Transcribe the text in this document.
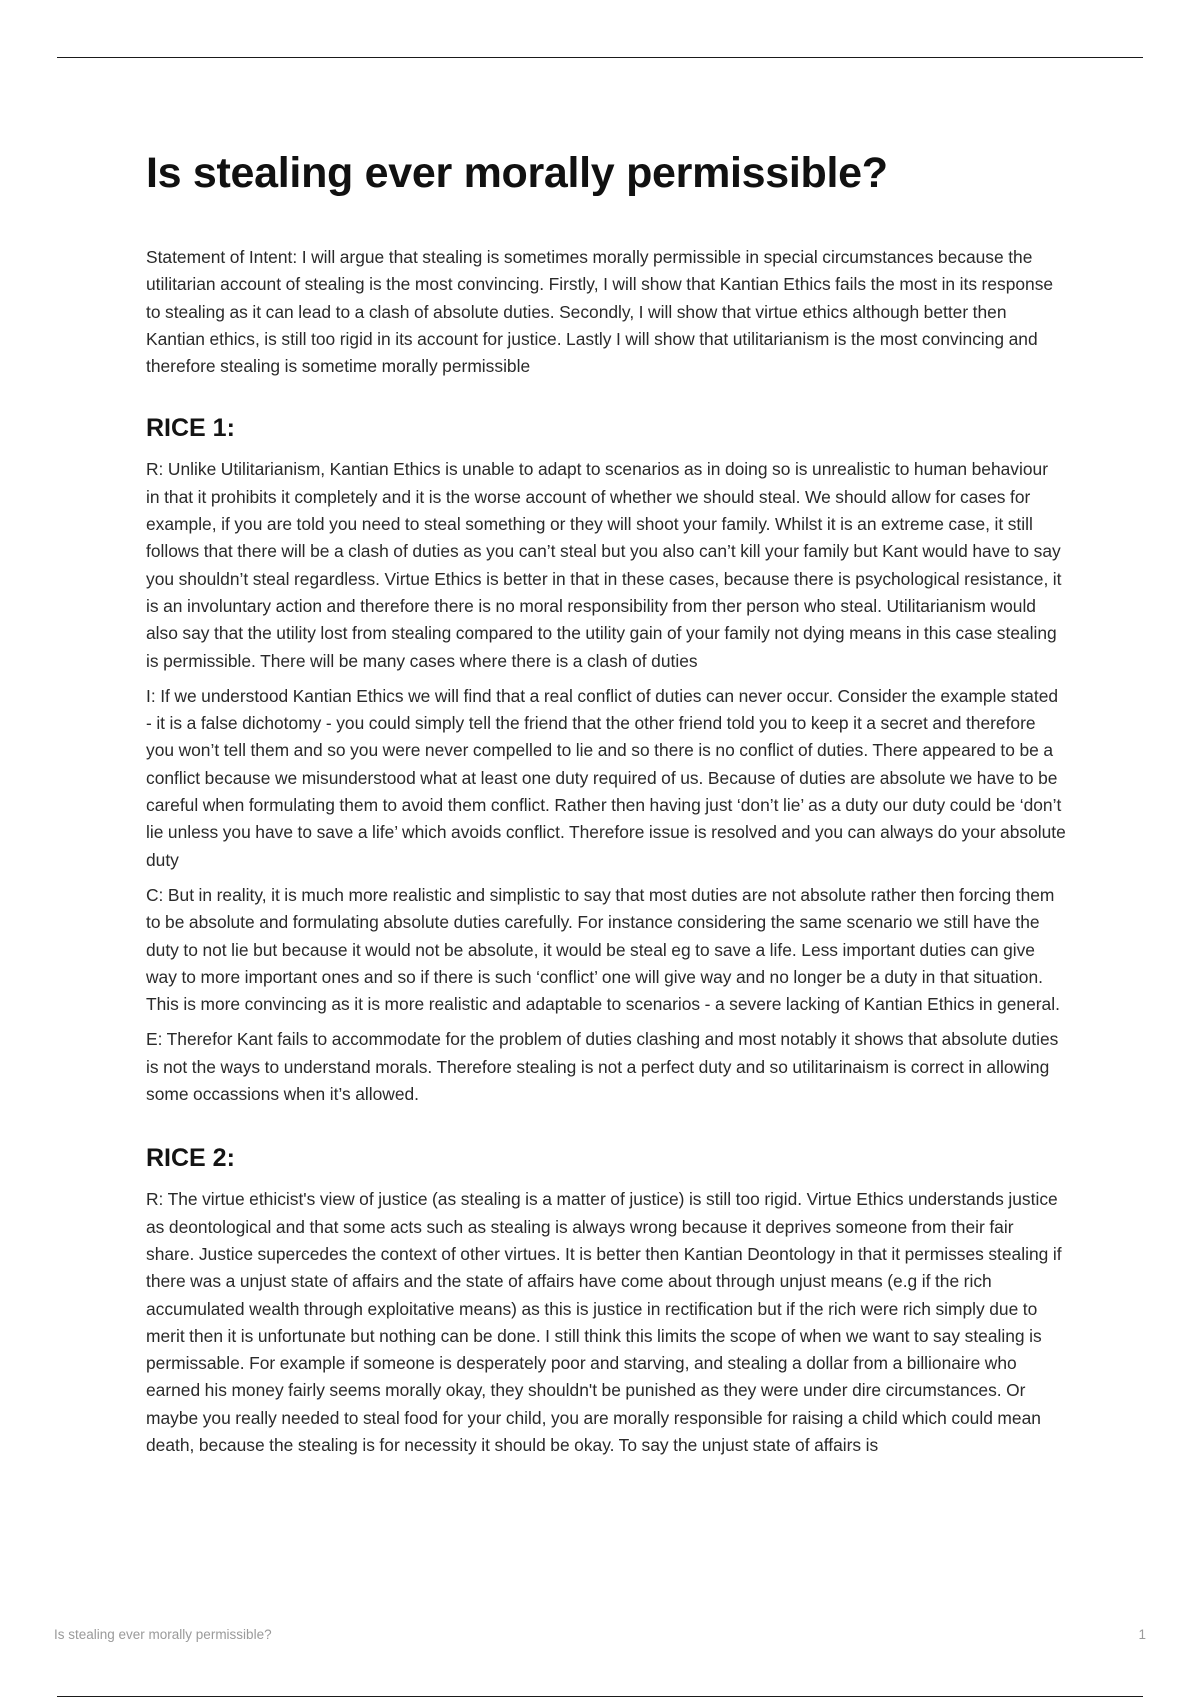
Is stealing ever morally permissible?

Statement of Intent: I will argue that stealing is sometimes morally permissible in special circumstances because the utilitarian account of stealing is the most convincing. Firstly, I will show that Kantian Ethics fails the most in its response to stealing as it can lead to a clash of absolute duties. Secondly, I will show that virtue ethics although better then Kantian ethics, is still too rigid in its account for justice. Lastly I will show that utilitarianism is the most convincing and therefore stealing is sometime morally permissible

RICE 1:

R: Unlike Utilitarianism, Kantian Ethics is unable to adapt to scenarios as in doing so is unrealistic to human behaviour in that it prohibits it completely and it is the worse account of whether we should steal. We should allow for cases for example, if you are told you need to steal something or they will shoot your family. Whilst it is an extreme case, it still follows that there will be a clash of duties as you can’t steal but you also can’t kill your family but Kant would have to say you shouldn’t steal regardless. Virtue Ethics is better in that in these cases, because there is psychological resistance, it is an involuntary action and therefore there is no moral responsibility from ther person who steal. Utilitarianism would also say that the utility lost from stealing compared to the utility gain of your family not dying means in this case stealing is permissible. There will be many cases where there is a clash of duties

I: If we understood Kantian Ethics we will find that a real conflict of duties can never occur. Consider the example stated - it is a false dichotomy - you could simply tell the friend that the other friend told you to keep it a secret and therefore you won’t tell them and so you were never compelled to lie and so there is no conflict of duties. There appeared to be a conflict because we misunderstood what at least one duty required of us. Because of duties are absolute we have to be careful when formulating them to avoid them conflict. Rather then having just ‘don’t lie’ as a duty our duty could be ‘don’t lie unless you have to save a life’ which avoids conflict. Therefore issue is resolved and you can always do your absolute duty

C: But in reality, it is much more realistic and simplistic to say that most duties are not absolute rather then forcing them to be absolute and formulating absolute duties carefully. For instance considering the same scenario we still have the duty to not lie but because it would not be absolute, it would be steal eg to save a life. Less important duties can give way to more important ones and so if there is such ‘conflict’ one will give way and no longer be a duty in that situation. This is more convincing as it is more realistic and adaptable to scenarios - a severe lacking of Kantian Ethics in general.

E: Therefor Kant fails to accommodate for the problem of duties clashing and most notably it shows that absolute duties is not the ways to understand morals. Therefore stealing is not a perfect duty and so utilitarinaism is correct in allowing some occassions when it’s allowed.

RICE 2:

R: The virtue ethicist's view of justice (as stealing is a matter of justice) is still too rigid. Virtue Ethics understands justice as deontological and that some acts such as stealing is always wrong because it deprives someone from their fair share. Justice supercedes the context of other virtues. It is better then Kantian Deontology in that it permisses stealing if there was a unjust state of affairs and the state of affairs have come about through unjust means (e.g if the rich accumulated wealth through exploitative means) as this is justice in rectification but if the rich were rich simply due to merit then it is unfortunate but nothing can be done. I still think this limits the scope of when we want to say stealing is permissable. For example if someone is desperately poor and starving, and stealing a dollar from a billionaire who earned his money fairly seems morally okay, they shouldn't be punished as they were under dire circumstances. Or maybe you really needed to steal food for your child, you are morally responsible for raising a child which could mean death, because the stealing is for necessity it should be okay. To say the unjust state of affairs is

Is stealing ever morally permissible?	1
